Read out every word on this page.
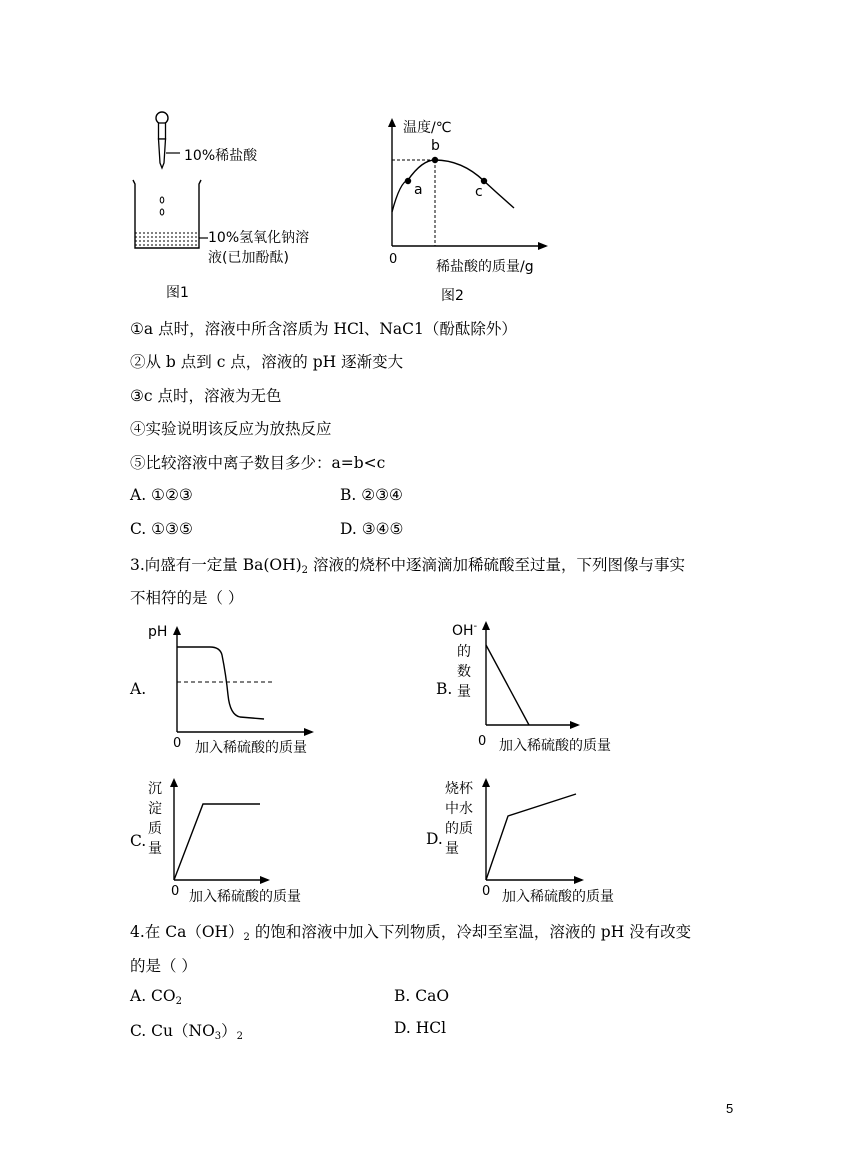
10%稀盐酸
10%氢氧化钠溶
液(已加酚酞)
图1
温度/℃
b
a	c
0	稀盐酸的质量/g
图2
①a 点时，溶液中所含溶质为 HCl、NaC1（酚酞除外）
②从 b 点到 c 点，溶液的 pH 逐渐变大
③c 点时，溶液为无色
④实验说明该反应为放热反应
⑤比较溶液中离子数目多少：a=b<c
A. ①②③	B. ②③④
C. ①③⑤	D. ③④⑤
3.向盛有一定量 $Ba(OH)_2$ 溶液的烧杯中逐滴滴加稀硫酸至过量，下列图像与事实
不相符的是（ ）
A.
pH
0 加入稀硫酸的质量
B.
OH-
的
数
量
0 加入稀硫酸的质量
C.
沉
淀
质
量
0 加入稀硫酸的质量
D.
烧杯
中水
的质
量
0 加入稀硫酸的质量
4.在 $Ca(OH)_2$ 的饱和溶液中加入下列物质，冷却至室温，溶液的 pH 没有改变
的是（ ）
A. $CO_2$	B. CaO
C. $Cu(NO_3)_2$	D. HCl
5
